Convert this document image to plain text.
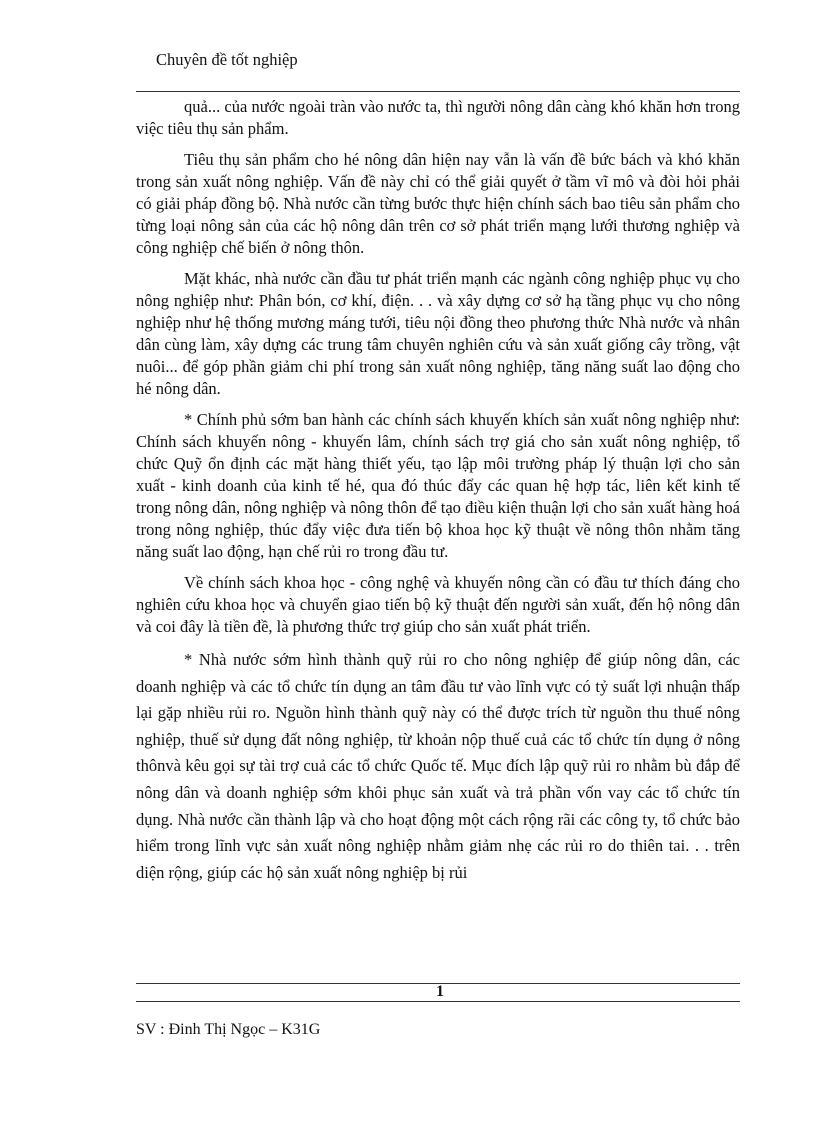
Chuyên đề tốt nghiệp

quả... của nước ngoài tràn vào nước ta, thì người nông dân càng khó khăn hơn trong việc tiêu thụ sản phẩm.

Tiêu thụ sản phẩm cho hé nông dân hiện nay vẫn là vấn đề bức bách và khó khăn trong sản xuất nông nghiệp. Vấn đề này chỉ có thể giải quyết ở tầm vĩ mô và đòi hỏi phải có giải pháp đồng bộ. Nhà nước cần từng bước thực hiện chính sách bao tiêu sản phẩm cho từng loại nông sản của các hộ nông dân trên cơ sở phát triển mạng lưới thương nghiệp và công nghiệp chế biến ở nông thôn.

Mặt khác, nhà nước cần đầu tư phát triển mạnh các ngành công nghiệp phục vụ cho nông nghiệp như: Phân bón, cơ khí, điện. . . và xây dựng cơ sở hạ tầng phục vụ cho nông nghiệp như hệ thống mương máng tưới, tiêu nội đồng theo phương thức Nhà nước và nhân dân cùng làm, xây dựng các trung tâm chuyên nghiên cứu và sản xuất giống cây trồng, vật nuôi... để góp phần giảm chi phí trong sản xuất nông nghiệp, tăng năng suất lao động cho hé nông dân.

* Chính phủ sớm ban hành các chính sách khuyến khích sản xuất nông nghiệp như: Chính sách khuyến nông - khuyến lâm, chính sách trợ giá cho sản xuất nông nghiệp, tổ chức Quỹ ổn định các mặt hàng thiết yếu, tạo lập môi trường pháp lý thuận lợi cho sản xuất - kinh doanh của kinh tế hé, qua đó thúc đẩy các quan hệ hợp tác, liên kết kinh tế trong nông dân, nông nghiệp và nông thôn để tạo điều kiện thuận lợi cho sản xuất hàng hoá trong nông nghiệp, thúc đẩy việc đưa tiến bộ khoa học kỹ thuật về nông thôn nhằm tăng năng suất lao động, hạn chế rủi ro trong đầu tư.

Về chính sách khoa học - công nghệ và khuyến nông cần có đầu tư thích đáng cho nghiên cứu khoa học và chuyển giao tiến bộ kỹ thuật đến người sản xuất, đến hộ nông dân và coi đây là tiền đề, là phương thức trợ giúp cho sản xuất phát triển.

* Nhà nước sớm hình thành quỹ rủi ro cho nông nghiệp để giúp nông dân, các doanh nghiệp và các tổ chức tín dụng an tâm đầu tư vào lĩnh vực có tỷ suất lợi nhuận thấp lại gặp nhiều rủi ro. Nguồn hình thành quỹ này có thể được trích từ nguồn thu thuế nông nghiệp, thuế sử dụng đất nông nghiệp, từ khoản nộp thuế cuả các tổ chức tín dụng ở nông thônvà kêu gọi sự tài trợ cuả các tổ chức Quốc tế. Mục đích lập quỹ rủi ro nhằm bù đắp để nông dân và doanh nghiệp sớm khôi phục sản xuất và trả phần vốn vay các tổ chức tín dụng. Nhà nước cần thành lập và cho hoạt động một cách rộng rãi các công ty, tổ chức bảo hiểm trong lĩnh vực sản xuất nông nghiệp nhằm giảm nhẹ các rủi ro do thiên tai. . . trên diện rộng, giúp các hộ sản xuất nông nghiệp bị rủi

1

SV : Đinh Thị Ngọc – K31G
